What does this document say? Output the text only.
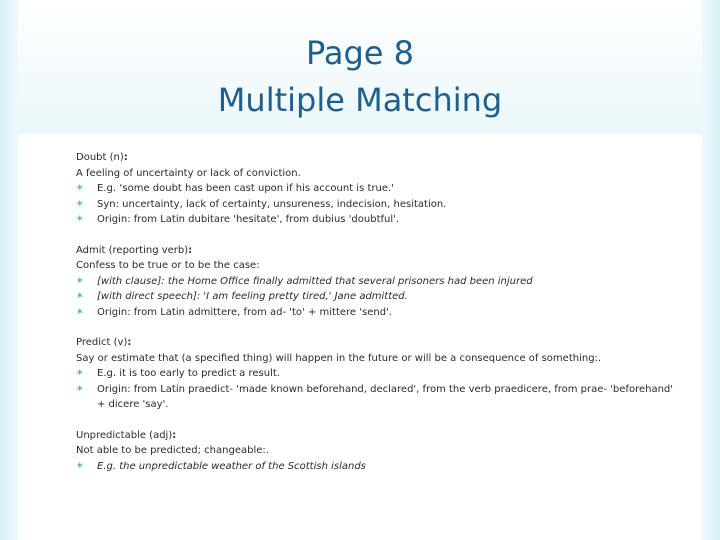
Page 8
Multiple Matching
Doubt (n):
A feeling of uncertainty or lack of conviction.
∗ E.g. ‘some doubt has been cast upon if his account is true.'
∗ Syn: uncertainty, lack of certainty, unsureness, indecision, hesitation.
∗ Origin: from Latin dubitare 'hesitate', from dubius 'doubtful'.
Admit (reporting verb):
Confess to be true or to be the case:
∗ [with clause]: the Home Office finally admitted that several prisoners had been injured
∗ [with direct speech]: 'I am feeling pretty tired,' Jane admitted.
∗ Origin: from Latin admittere, from ad- 'to' + mittere 'send'.
Predict (v):
Say or estimate that (a specified thing) will happen in the future or will be a consequence of something:.
∗ E.g. it is too early to predict a result.
∗ Origin: from Latin praedict- 'made known beforehand, declared', from the verb praedicere, from prae- 'beforehand' + dicere 'say'.
Unpredictable (adj):
Not able to be predicted; changeable:.
∗ E.g. the unpredictable weather of the Scottish islands
